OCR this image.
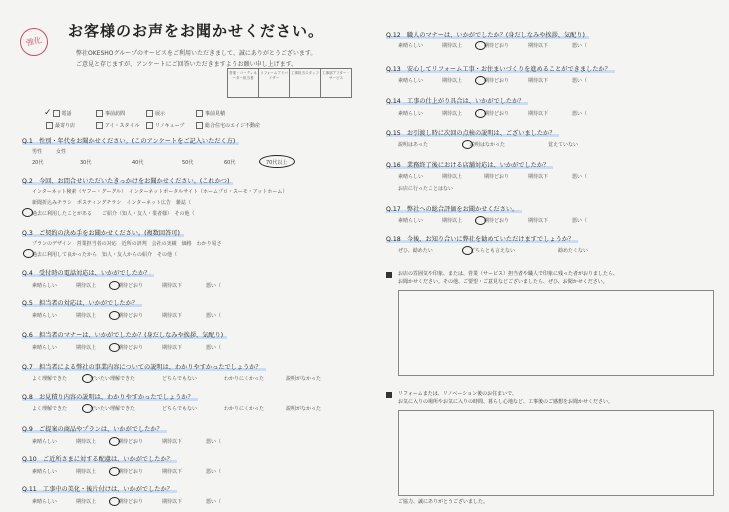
強化
お客様のお声をお聞かせください。
弊社OKESHOグループのサービスをご利用いただきまして、誠にありがとうございます。
ご意見と存じますが、アンケートにご回答いただきますようお願い申し上げます。
営業・コーディネーター担当者
リフォームアドバイザー
工事担当スタッフ 工事部アフター・サービス
✓ 電話	事前訪問	展示	事前見積
最寄り店	アイ・スタイル	リノキューブ	総合住宅のエイジ不動産
Q.1　性別・年代をお聞かせください。(このアンケートをご記入いただく方)
男性	女性
20代	30代	40代	50代	60代	70代以上
Q.2　今回、お問合せいただいたきっかけをお聞かせください。(これかつ)
インターネット検索（ヤフー・グーグル）　インターネットポータルサイト（ホームプロ・スーモ・アットホーム）
新聞折込みチラシ　ポスティングチラシ　インターネット広告　雑誌（
過去に利用したことがある　　ご紹介（知人・友人・業者様）　その他（
Q.3　ご契約の決め手をお聞かせください。(複数回答可)
プランのデザイン　営業担当者の対応　近所の評判　会社の実績　価格　わかり易さ
過去に利用して良かったから　知人・友人からの紹介　その他（
Q.4　受付時の電話対応は、いかがでしたか？
素晴らしい	期待以上	期待どおり	期待以下	悪い（
Q.5　担当者の対応は、いかがでしたか？
素晴らしい	期待以上	期待どおり	期待以下	悪い（
Q.6　担当者のマナーは、いかがでしたか？(身だしなみや挨拶、気配り)
素晴らしい	期待以上	期待どおり	期待以下	悪い（
Q.7　担当者による弊社の事業内容についての説明は、わかりやすかったでしょうか？
よく理解できた	だいたい理解できた	どちらでもない	わかりにくかった	説明がなかった
Q.8　お見積り内容の説明は、わかりやすかったでしょうか？
よく理解できた	だいたい理解できた	どちらでもない	わかりにくかった	説明がなかった
Q.9　ご提案の商品やプランは、いかがでしたか？
素晴らしい	期待以上	期待どおり	期待以下	悪い（
Q.10　ご近所さまに対する配慮は、いかがでしたか？
素晴らしい	期待以上	期待どおり	期待以下	悪い（
Q.11　工事中の美化・後片付けは、いかがでしたか？
素晴らしい	期待以上	期待どおり	期待以下	悪い（
Q.12　職人のマナーは、いかがでしたか？(身だしなみや挨拶、気配り)
素晴らしい	期待以上	期待どおり	期待以下	悪い（
Q.13　安心してリフォーム工事・お住まいづくりを進めることができましたか？
素晴らしい	期待以上	期待どおり	期待以下	悪い（
Q.14　工事の仕上がり具合は、いかがでしたか？
素晴らしい	期待以上	期待どおり	期待以下	悪い（
Q.15　お引渡し時に次回の点検の説明は、ございましたか？
説明はあった	説明はなかった	覚えていない
Q.16　業務終了後における店舗対応は、いかがでしたか？
素晴らしい	期待以上	期待どおり	期待以下	悪い（
お店に行ったことはない
Q.17　弊社への総合評価をお聞かせください。
素晴らしい	期待以上	期待どおり	期待以下	悪い（
Q.18　今後、お知り合いに弊社を勧めていただけますでしょうか？
ぜひ、勧めたい	どちらとも言えない	勧めたくない
お店の雰囲気や印象、または、営業（サービス）担当者や職人で印象に残った者がおりましたら、
お聞かせください。その他、ご要望・ご意見などございましたら、ぜひ、お聞かせください。
リフォームまたは、リノベーション後のお住まいで、
お気に入りの場所やお気に入りの時間、暮らし心地など、工事後のご感想をお聞かせください。
ご協力、誠にありがとうございました。
